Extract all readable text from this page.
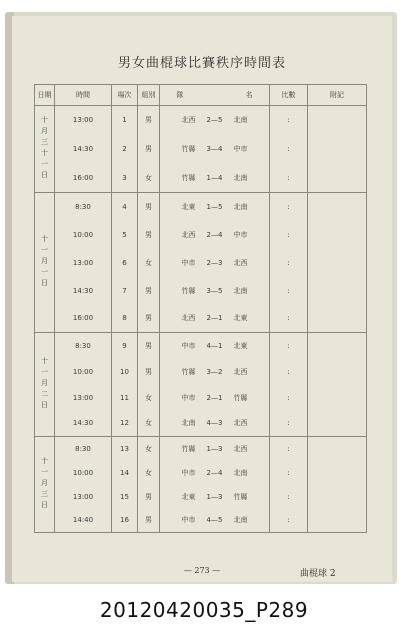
男女曲棍球比賽秩序時間表
日期	時間	場次	組別	隊 名	比數	附記
十月三十一日	13:00	1	男	北西 2—5 北南	:	
	14:30	2	男	竹縣 3—4 中市	:	
	16:00	3	女	竹縣 1—4 北南	:	
十一月一日	8:30	4	男	北東 1—5 北南	:	
	10:00	5	男	北西 2—4 中市	:	
	13:00	6	女	中市 2—3 北西	:	
	14:30	7	男	竹縣 3—5 北南	:	
	16:00	8	男	北西 2—1 北東	:	
十一月二日	8:30	9	男	中市 4—1 北東	:	
	10:00	10	男	竹縣 3—2 北西	:	
	13:00	11	女	中市 2—1 竹縣	:	
	14:30	12	女	北南 4—3 北西	:	
十一月三日	8:30	13	女	竹縣 1—3 北西	:	
	10:00	14	女	中市 2—4 北南	:	
	13:00	15	男	北東 1—3 竹縣	:	
	14:40	16	男	中市 4—5 北南	:	
— 273 —	曲棍球 2
20120420035_P289
